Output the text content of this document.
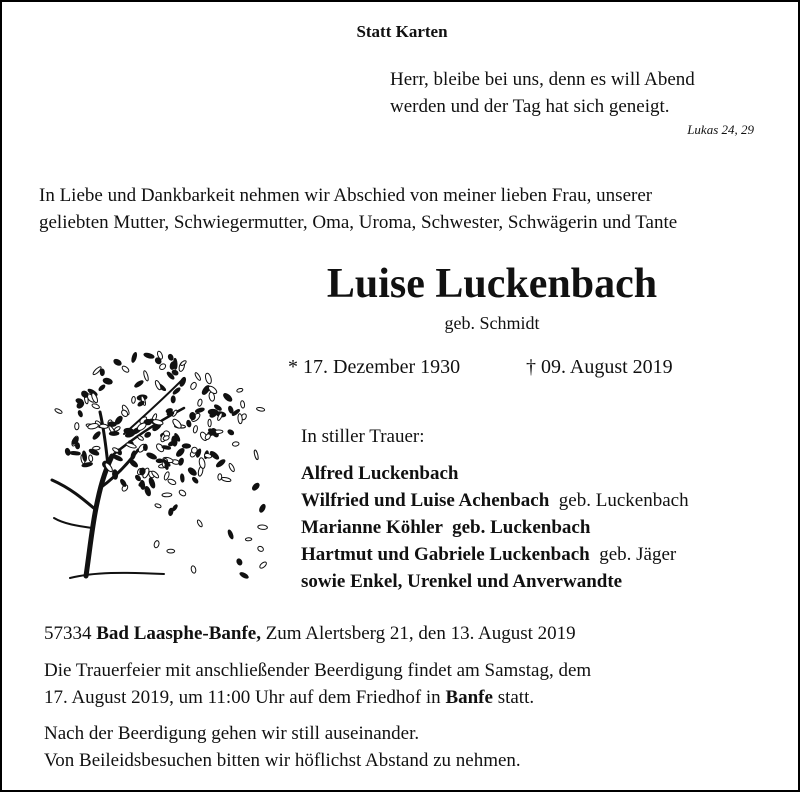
Statt Karten
Herr, bleibe bei uns, denn es will Abend
werden und der Tag hat sich geneigt.
Lukas 24, 29
In Liebe und Dankbarkeit nehmen wir Abschied von meiner lieben Frau, unserer
geliebten Mutter, Schwiegermutter, Oma, Uroma, Schwester, Schwägerin und Tante
Luise Luckenbach
geb. Schmidt
* 17. Dezember 1930	† 09. August 2019
In stiller Trauer:
Alfred Luckenbach
Wilfried und Luise Achenbach geb. Luckenbach
Marianne Köhler  geb. Luckenbach
Hartmut und Gabriele Luckenbach geb. Jäger
sowie Enkel, Urenkel und Anverwandte
57334 Bad Laasphe-Banfe, Zum Alertsberg 21, den 13. August 2019
Die Trauerfeier mit anschließender Beerdigung findet am Samstag, dem
17. August 2019, um 11:00 Uhr auf dem Friedhof in Banfe statt.
Nach der Beerdigung gehen wir still auseinander.
Von Beileidsbesuchen bitten wir höflichst Abstand zu nehmen.
